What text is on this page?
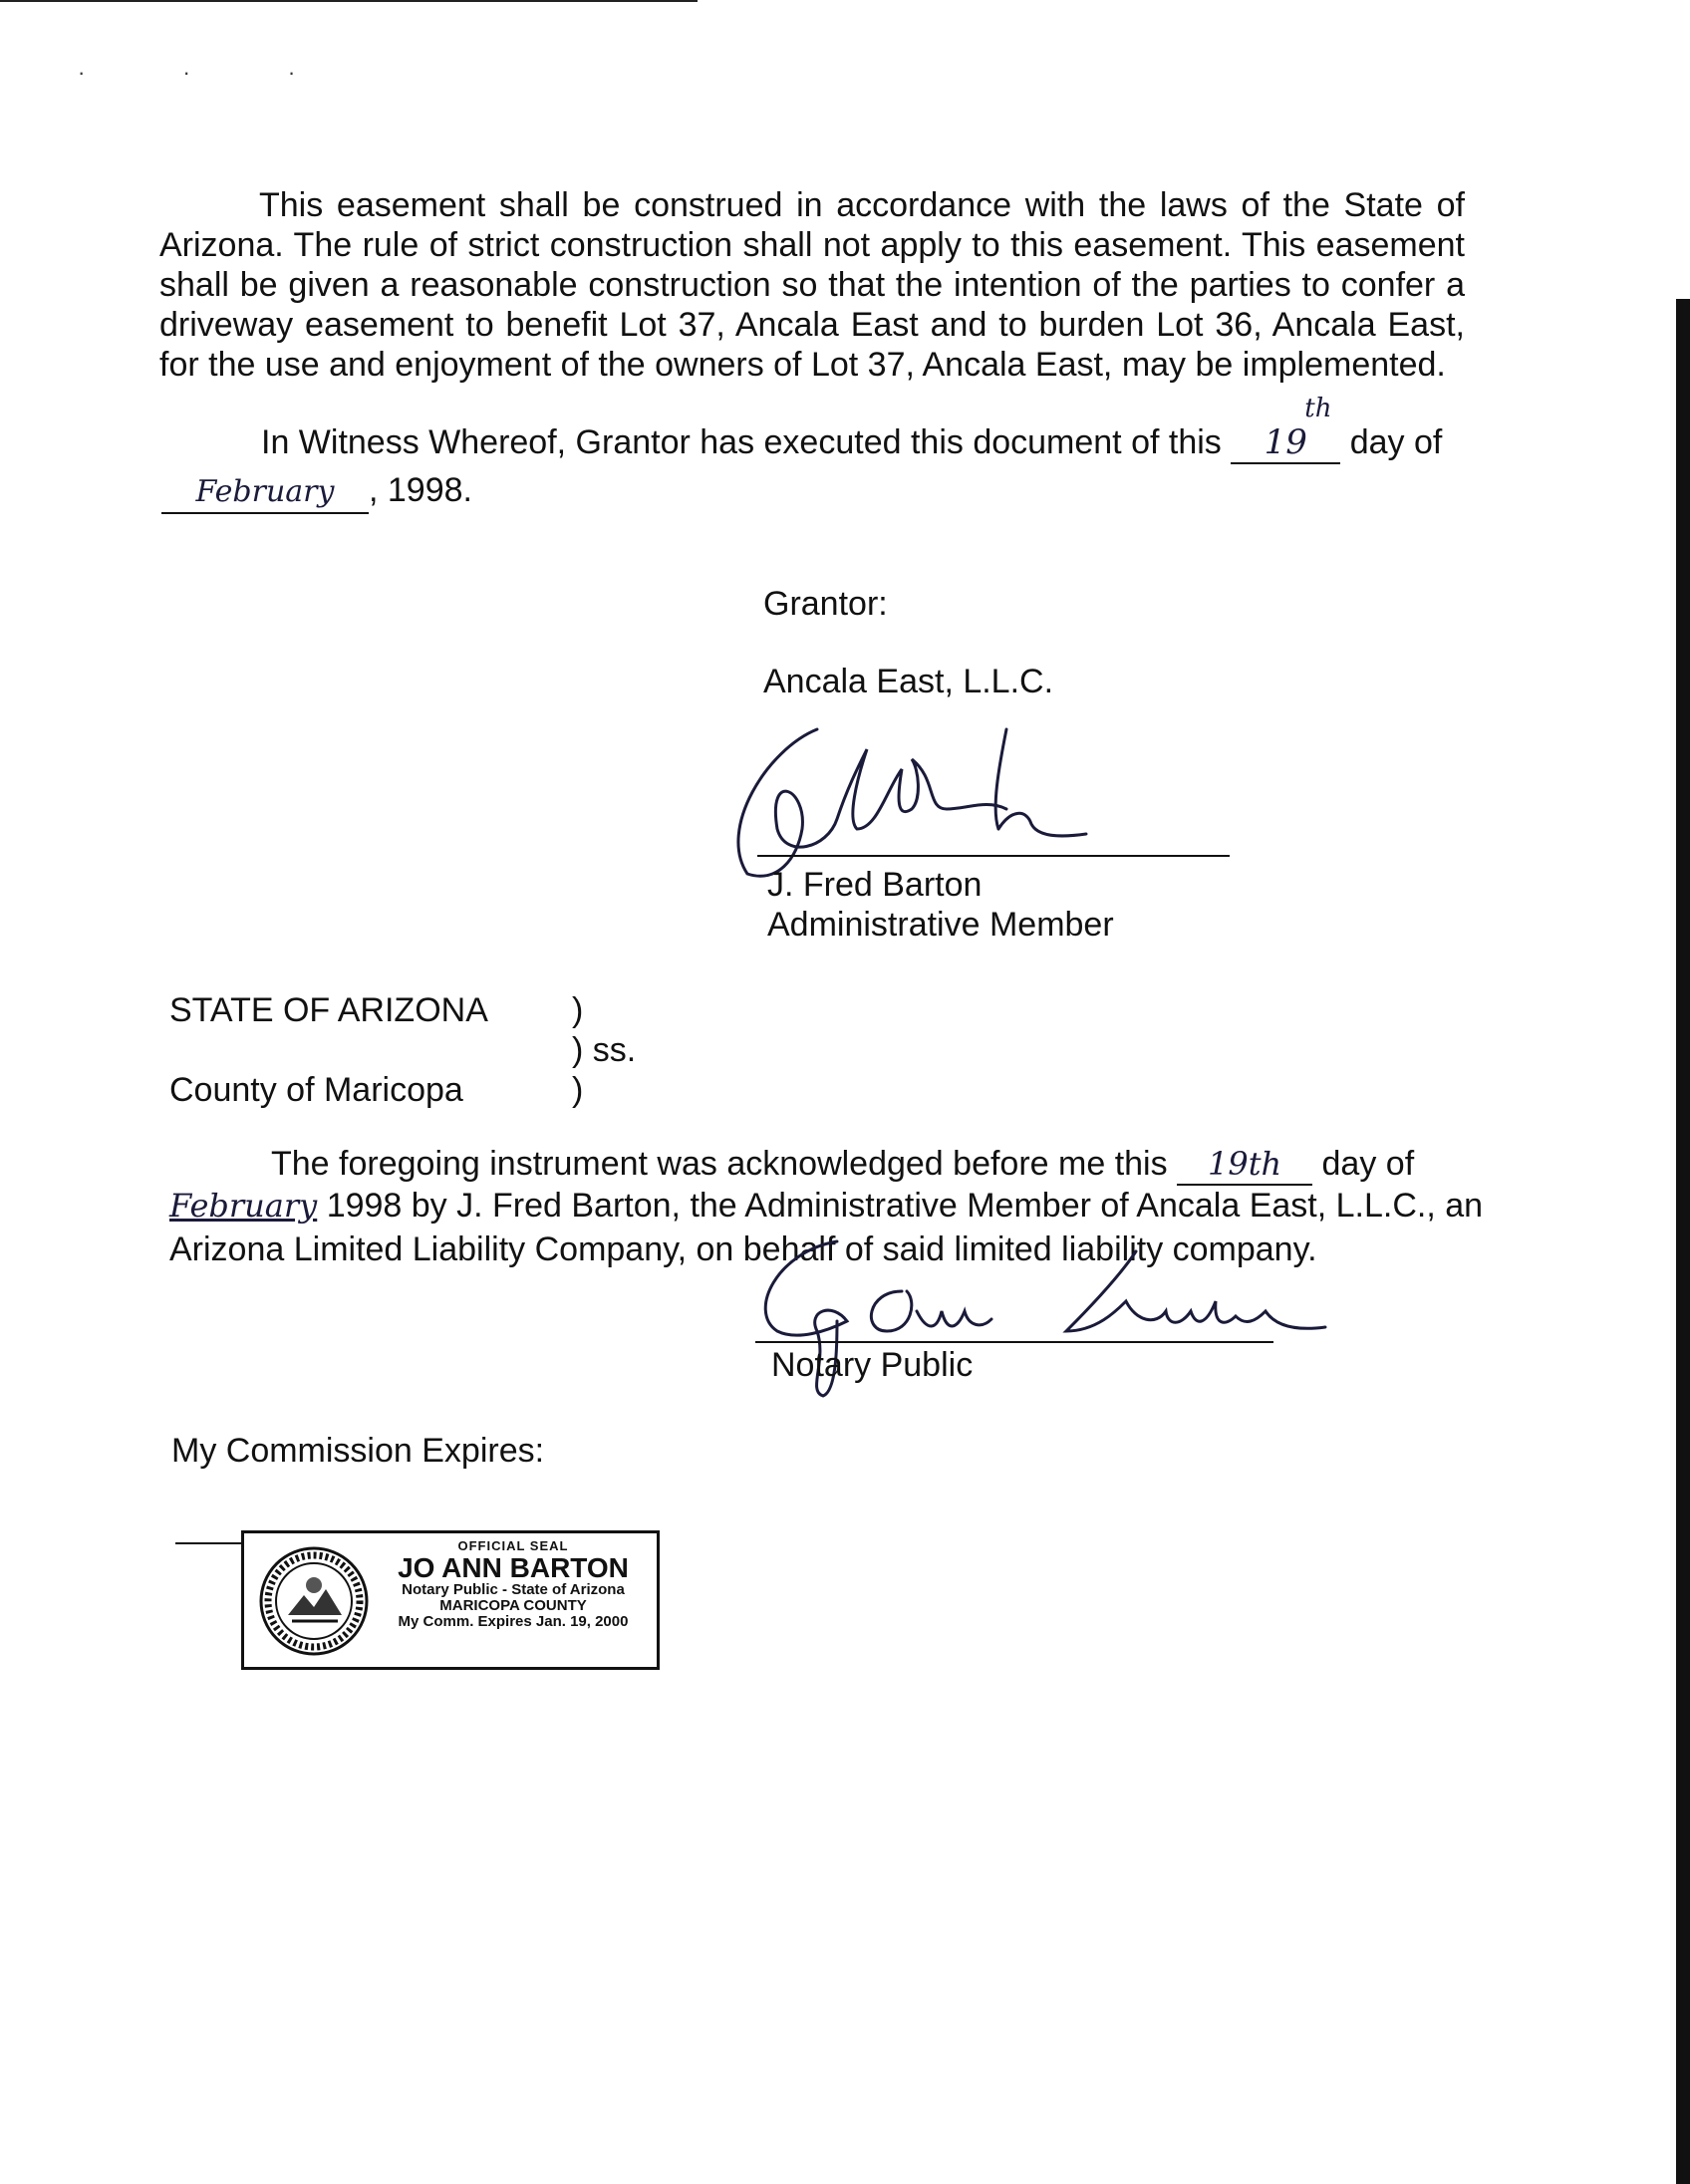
· · ·

This easement shall be construed in accordance with the laws of the State of Arizona. The rule of strict construction shall not apply to this easement. This easement shall be given a reasonable construction so that the intention of the parties to confer a driveway easement to benefit Lot 37, Ancala East and to burden Lot 36, Ancala East, for the use and enjoyment of the owners of Lot 37, Ancala East, may be implemented.

In Witness Whereof, Grantor has executed this document of this 19
th
day of
February , 1998.
Grantor:
Ancala East, L.L.C.
J. Fred Barton
Administrative Member
STATE OF ARIZONA )
) ss.
County of Maricopa	)
The foregoing instrument was acknowledged before me this 19th day of
February 1998 by J. Fred Barton, the Administrative Member of Ancala East, L.L.C., an
Arizona Limited Liability Company, on behalf of said limited liability company.
Notary Public
My Commission Expires:
OFFICIAL SEAL
JO ANN BARTON
Notary Public - State of Arizona
MARICOPA COUNTY
My Comm. Expires Jan. 19, 2000
